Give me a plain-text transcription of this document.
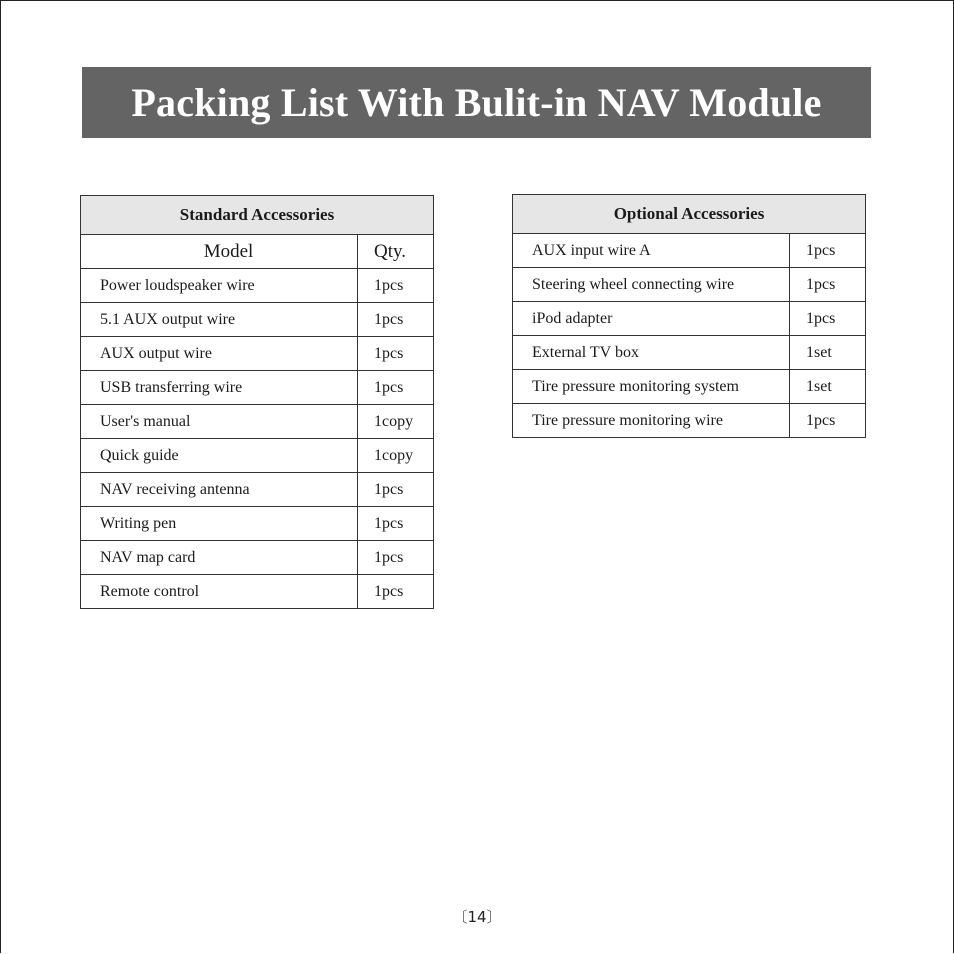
Packing List With Bulit-in NAV Module
Standard Accessories	
Model	Qty.
Power loudspeaker wire	1pcs
5.1 AUX output wire	1pcs
AUX output wire	1pcs
USB transferring wire	1pcs
User's manual	1copy
Quick guide	1copy
NAV receiving antenna	1pcs
Writing pen	1pcs
NAV map card	1pcs
Remote control	1pcs
Optional Accessories	
AUX input wire A	1pcs
Steering wheel connecting wire	1pcs
iPod adapter	1pcs
External TV box	1set
Tire pressure monitoring system	1set
Tire pressure monitoring wire	1pcs
〔14〕
